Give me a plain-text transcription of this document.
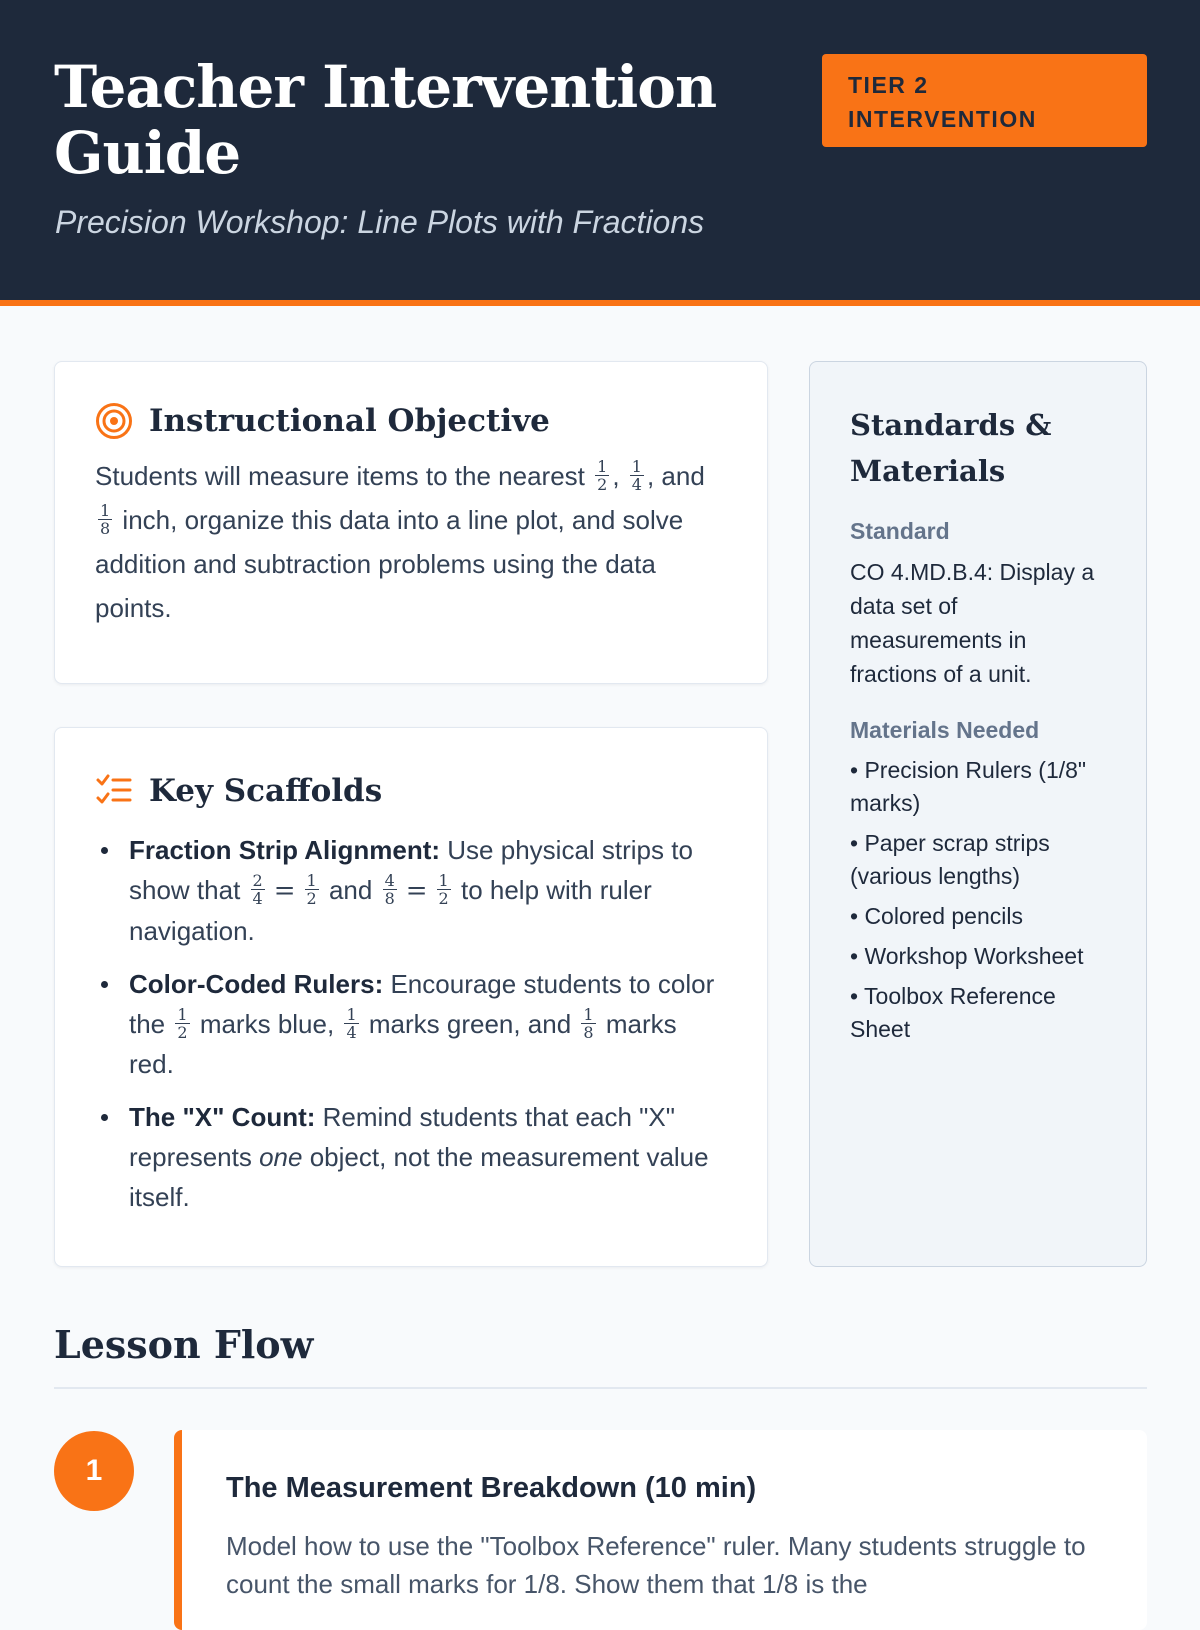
Teacher Intervention Guide
Precision Workshop: Line Plots with Fractions
TIER 2 INTERVENTION
Instructional Objective
Students will measure items to the nearest $\frac{1}{2}$ , $\frac{1}{4}$ , and
$\frac{1}{8}$ inch, organize this data into a line plot, and solve addition and subtraction problems using the data points.
Key Scaffolds
Fraction Strip Alignment: Use physical strips to show that $\frac{2}{4} = \frac{1}{2}$ and $\frac{4}{8} = \frac{1}{2}$ to help with ruler navigation.
Color-Coded Rulers: Encourage students to color the $\frac{1}{2}$ marks blue, $\frac{1}{4}$ marks green, and $\frac{1}{8}$ marks red.
The "X" Count: Remind students that each "X" represents one object, not the measurement value itself.
Standards & Materials
Standard
CO 4.MD.B.4: Display a data set of measurements in fractions of a unit.
Materials Needed
• Precision Rulers (1/8" marks)
• Paper scrap strips (various lengths)
• Colored pencils
• Workshop Worksheet
• Toolbox Reference Sheet
Lesson Flow
1
The Measurement Breakdown (10 min)
Model how to use the "Toolbox Reference" ruler. Many students struggle to count the small marks for 1/8. Show them that 1/8 is the
